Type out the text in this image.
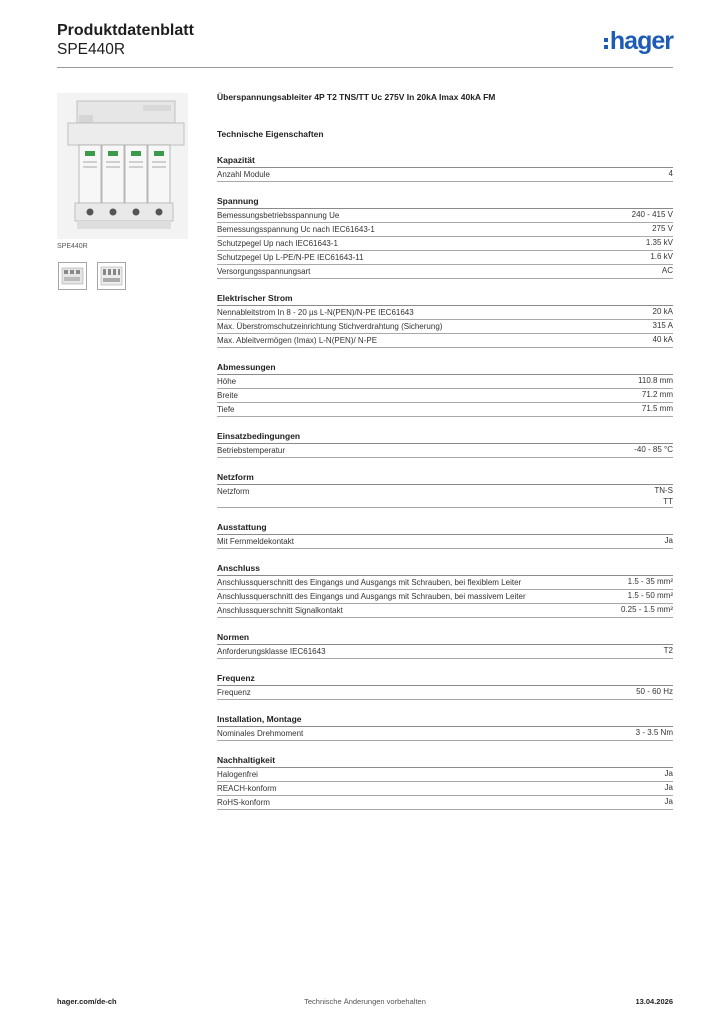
Produktdatenblatt
SPE440R	hager
SPE440R
Überspannungsableiter 4P T2 TNS/TT Uc 275V In 20kA Imax 40kA FM
Technische Eigenschaften
Kapazität
Anzahl Module	4
Spannung
Bemessungsbetriebsspannung Ue	240 - 415 V
Bemessungsspannung Uc nach IEC61643-1	275 V
Schutzpegel Up nach IEC61643-1	1.35 kV
Schutzpegel Up L-PE/N-PE IEC61643-11	1.6 kV
Versorgungsspannungsart	AC
Elektrischer Strom
Nennableitstrom In 8 - 20 µs L-N(PEN)/N-PE IEC61643	20 kA
Max. Überstromschutzeinrichtung Stichverdrahtung (Sicherung)	315 A
Max. Ableitvermögen (Imax) L-N(PEN)/ N-PE	40 kA
Abmessungen
Höhe	110.8 mm
Breite	71.2 mm
Tiefe	71.5 mm
Einsatzbedingungen
Betriebstemperatur	-40 - 85 °C
Netzform
Netzform	TN-S
TT
Ausstattung
Mit Fernmeldekontakt	Ja
Anschluss
Anschlussquerschnitt des Eingangs und Ausgangs mit Schrauben, bei flexiblem Leiter	1.5 - 35 mm²
Anschlussquerschnitt des Eingangs und Ausgangs mit Schrauben, bei massivem Leiter	1.5 - 50 mm²
Anschlussquerschnitt Signalkontakt	0.25 - 1.5 mm²
Normen
Anforderungsklasse IEC61643	T2
Frequenz
Frequenz	50 - 60 Hz
Installation, Montage
Nominales Drehmoment	3 - 3.5 Nm
Nachhaltigkeit
Halogenfrei	Ja
REACH-konform	Ja
RoHS-konform	Ja
Technische Änderungen vorbehalten
hager.com/de-ch	13.04.2026
